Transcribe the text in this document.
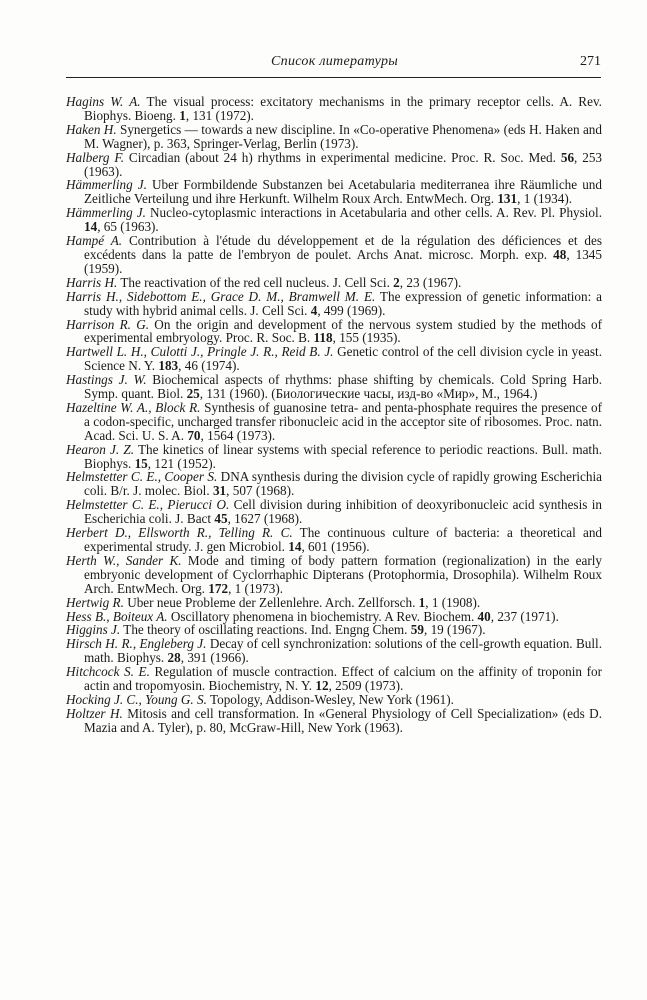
Список литературы	271
Hagins W. A. The visual process: excitatory mechanisms in the primary receptor cells. A. Rev. Biophys. Bioeng. 1, 131 (1972).
Haken H. Synergetics — towards a new discipline. In «Co-operative Phenomena» (eds H. Haken and M. Wagner), p. 363, Springer-Verlag, Berlin (1973).
Halberg F. Circadian (about 24 h) rhythms in experimental medicine. Proc. R. Soc. Med. 56, 253 (1963).
Hämmerling J. Uber Formbildende Substanzen bei Acetabularia mediterranea ihre Räumliche und Zeitliche Verteilung und ihre Herkunft. Wilhelm Roux Arch. EntwMech. Org. 131, 1 (1934).
Hämmerling J. Nucleo-cytoplasmic interactions in Acetabularia and other cells. A. Rev. Pl. Physiol. 14, 65 (1963).
Hampé A. Contribution à l'étude du développement et de la régulation des déficiences et des excédents dans la patte de l'embryon de poulet. Archs Anat. microsc. Morph. exp. 48, 1345 (1959).
Harris H. The reactivation of the red cell nucleus. J. Cell Sci. 2, 23 (1967).
Harris H., Sidebottom E., Grace D. M., Bramwell M. E. The expression of genetic information: a study with hybrid animal cells. J. Cell Sci. 4, 499 (1969).
Harrison R. G. On the origin and development of the nervous system studied by the methods of experimental embryology. Proc. R. Soc. B. 118, 155 (1935).
Hartwell L. H., Culotti J., Pringle J. R., Reid B. J. Genetic control of the cell division cycle in yeast. Science N. Y. 183, 46 (1974).
Hastings J. W. Biochemical aspects of rhythms: phase shifting by chemicals. Cold Spring Harb. Symp. quant. Biol. 25, 131 (1960). (Биологические часы, изд-во «Мир», М., 1964.)
Hazeltine W. A., Block R. Synthesis of guanosine tetra- and penta-phosphate requires the presence of a codon-specific, uncharged transfer ribonucleic acid in the acceptor site of ribosomes. Proc. natn. Acad. Sci. U. S. A. 70, 1564 (1973).
Hearon J. Z. The kinetics of linear systems with special reference to periodic reactions. Bull. math. Biophys. 15, 121 (1952).
Helmstetter C. E., Cooper S. DNA synthesis during the division cycle of rapidly growing Escherichia coli. B/r. J. molec. Biol. 31, 507 (1968).
Helmstetter C. E., Pierucci O. Cell division during inhibition of deoxyribonucleic acid synthesis in Escherichia coli. J. Bact 45, 1627 (1968).
Herbert D., Ellsworth R., Telling R. C. The continuous culture of bacteria: a theoretical and experimental strudy. J. gen Microbiol. 14, 601 (1956).
Herth W., Sander K. Mode and timing of body pattern formation (regionalization) in the early embryonic development of Cyclorrhaphic Dipterans (Protophormia, Drosophila). Wilhelm Roux Arch. EntwMech. Org. 172, 1 (1973).
Hertwig R. Uber neue Probleme der Zellenlehre. Arch. Zellforsch. 1, 1 (1908).
Hess B., Boiteux A. Oscillatory phenomena in biochemistry. A Rev. Biochem. 40, 237 (1971).
Higgins J. The theory of oscillating reactions. Ind. Engng Chem. 59, 19 (1967).
Hirsch H. R., Engleberg J. Decay of cell synchronization: solutions of the cell-growth equation. Bull. math. Biophys. 28, 391 (1966).
Hitchcock S. E. Regulation of muscle contraction. Effect of calcium on the affinity of troponin for actin and tropomyosin. Biochemistry, N. Y. 12, 2509 (1973).
Hocking J. C., Young G. S. Topology, Addison-Wesley, New York (1961).
Holtzer H. Mitosis and cell transformation. In «General Physiology of Cell Specialization» (eds D. Mazia and A. Tyler), p. 80, McGraw-Hill, New York (1963).
